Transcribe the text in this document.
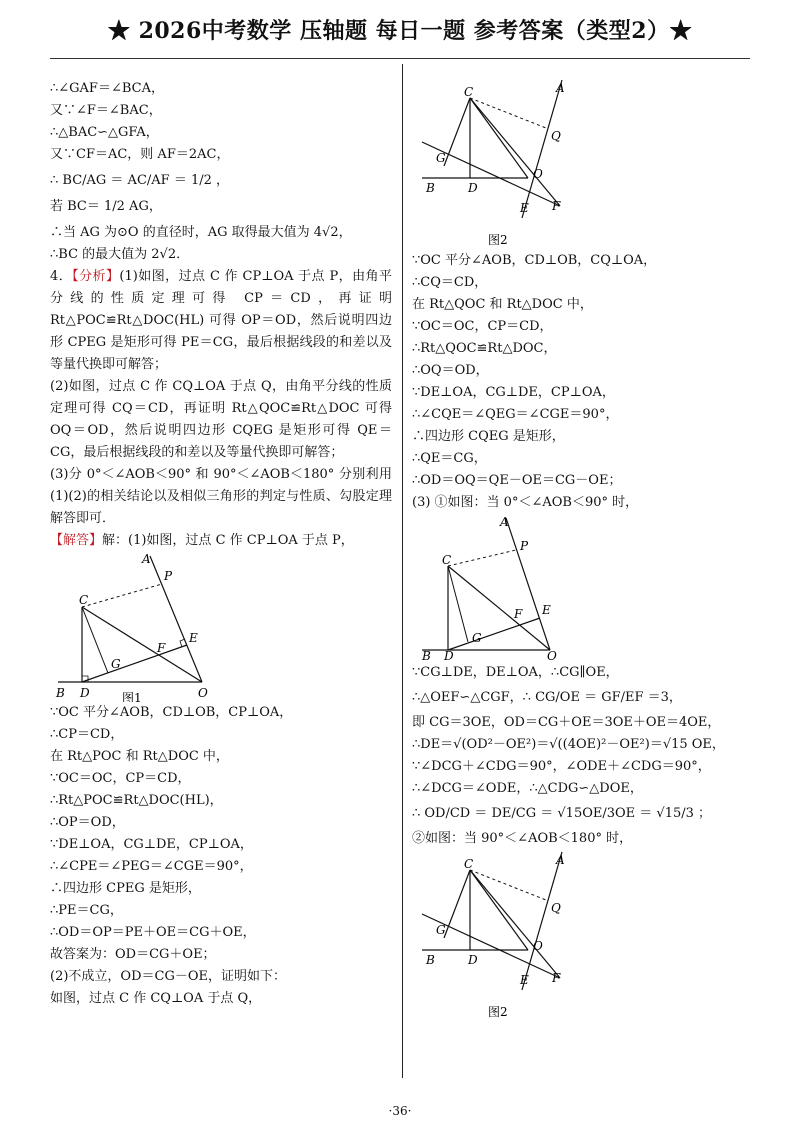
★ 2026中考数学 压轴题 每日一题 参考答案（类型2）★
∴∠GAF＝∠BCA，
又∵∠F＝∠BAC，
∴△BAC∽△GFA，
又∵CF＝AC，则 AF＝2AC，
∴ BC/AG ＝ AC/AF ＝ 1/2 ，
若 BC＝ 1/2 AG，
∴当 AG 为⊙O 的直径时，AG 取得最大值为 4√2，
∴BC 的最大值为 2√2．
4．【分析】(1)如图，过点 C 作 CP⊥OA 于点 P，由角平分线的性质定理可得 CP＝CD，再证明 Rt△POC≌Rt△DOC(HL) 可得 OP＝OD，然后说明四边形 CPEG 是矩形可得 PE＝CG，最后根据线段的和差以及等量代换即可解答；
(2)如图，过点 C 作 CQ⊥OA 于点 Q，由角平分线的性质定理可得 CQ＝CD，再证明 Rt△QOC≌Rt△DOC 可得 OQ＝OD，然后说明四边形 CQEG 是矩形可得 QE＝CG，最后根据线段的和差以及等量代换即可解答；
(3)分 0°＜∠AOB＜90° 和 90°＜∠AOB＜180° 分别利用(1)(2)的相关结论以及相似三角形的判定与性质、勾股定理解答即可．
【解答】解：(1)如图，过点 C 作 CP⊥OA 于点 P，
A
P
C
E
F
G
B D	O
图1
∵OC 平分∠AOB，CD⊥OB，CP⊥OA，
∴CP＝CD，
在 Rt△POC 和 Rt△DOC 中，
∵OC＝OC，CP＝CD，
∴Rt△POC≌Rt△DOC(HL)，
∴OP＝OD，
∵DE⊥OA，CG⊥DE，CP⊥OA，
∴∠CPE＝∠PEG＝∠CGE＝90°，
∴四边形 CPEG 是矩形，
∴PE＝CG，
∴OD＝OP＝PE＋OE＝CG＋OE，
故答案为：OD＝CG＋OE；
(2)不成立，OD＝CG－OE，证明如下：
如图，过点 C 作 CQ⊥OA 于点 Q，
C	A
Q
G
O
B	D
E F
图2
∵OC 平分∠AOB，CD⊥OB，CQ⊥OA，
∴CQ＝CD，
在 Rt△QOC 和 Rt△DOC 中，
∵OC＝OC，CP＝CD，
∴Rt△QOC≌Rt△DOC，
∴OQ＝OD，
∵DE⊥OA，CG⊥DE，CP⊥OA，
∴∠CQE＝∠QEG＝∠CGE＝90°，
∴四边形 CQEG 是矩形，
∴QE＝CG，
∴OD＝OQ＝QE－OE＝CG－OE；
(3) ①如图：当 0°＜∠AOB＜90° 时，
A
P
C
E
F
G
B D	O
∵CG⊥DE，DE⊥OA，∴CG∥OE，
∴△OEF∽△CGF，∴ CG/OE ＝ GF/EF ＝3，
即 CG＝3OE，OD＝CG＋OE＝3OE＋OE＝4OE，
∴DE＝√(OD²－OE²)＝√((4OE)²－OE²)＝√15 OE，
∵∠DCG＋∠CDG＝90°，∠ODE＋∠CDG＝90°，
∴∠DCG＝∠ODE，∴△CDG∽△DOE，
∴ OD/CD ＝ DE/CG ＝ √15OE/3OE ＝ √15/3 ；
②如图：当 90°＜∠AOB＜180° 时，
C	A
Q
G
O
B	D
E F
图2
·36·
